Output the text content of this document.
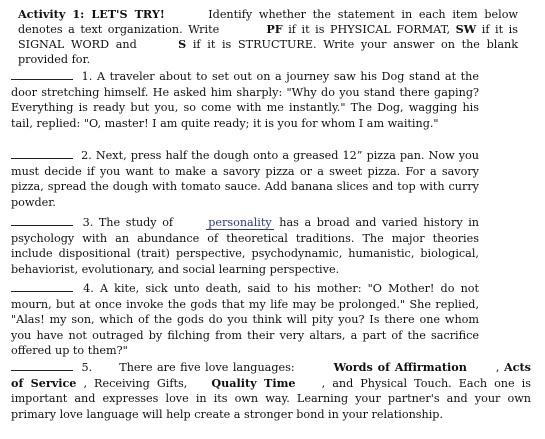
Activity 1: LET'S TRY!	Identify whether the statement in each item below denotes a text organization. Write	PF if it is PHYSICAL FORMAT, SW if it is SIGNAL WORD and	S if it is STRUCTURE. Write your answer on the blank provided for.

1. A traveler about to set out on a journey saw his Dog stand at the door stretching himself. He asked him sharply: "Why do you stand there gaping? Everything is ready but you, so come with me instantly." The Dog, wagging his tail, replied: "O, master! I am quite ready; it is you for whom I am waiting."

2. Next, press half the dough onto a greased 12” pizza pan. Now you must decide if you want to make a savory pizza or a sweet pizza. For a savory pizza, spread the dough with tomato sauce. Add banana slices and top with curry powder.

3. The study of	personality has a broad and varied history in psychology with an abundance of theoretical traditions. The major theories include dispositional (trait) perspective, psychodynamic, humanistic, biological, behaviorist, evolutionary, and social learning perspective.

4. A kite, sick unto death, said to his mother: "O Mother! do not mourn, but at once invoke the gods that my life may be prolonged." She replied, "Alas! my son, which of the gods do you think will pity you? Is there one whom you have not outraged by filching from their very altars, a part of the sacrifice offered up to them?"

5. There are five love languages:	Words of Affirmation	, Acts of Service , Receiving Gifts, Quality Time , and Physical Touch. Each one is important and expresses love in its own way. Learning your partner's and your own primary love language will help create a stronger bond in your relationship.
